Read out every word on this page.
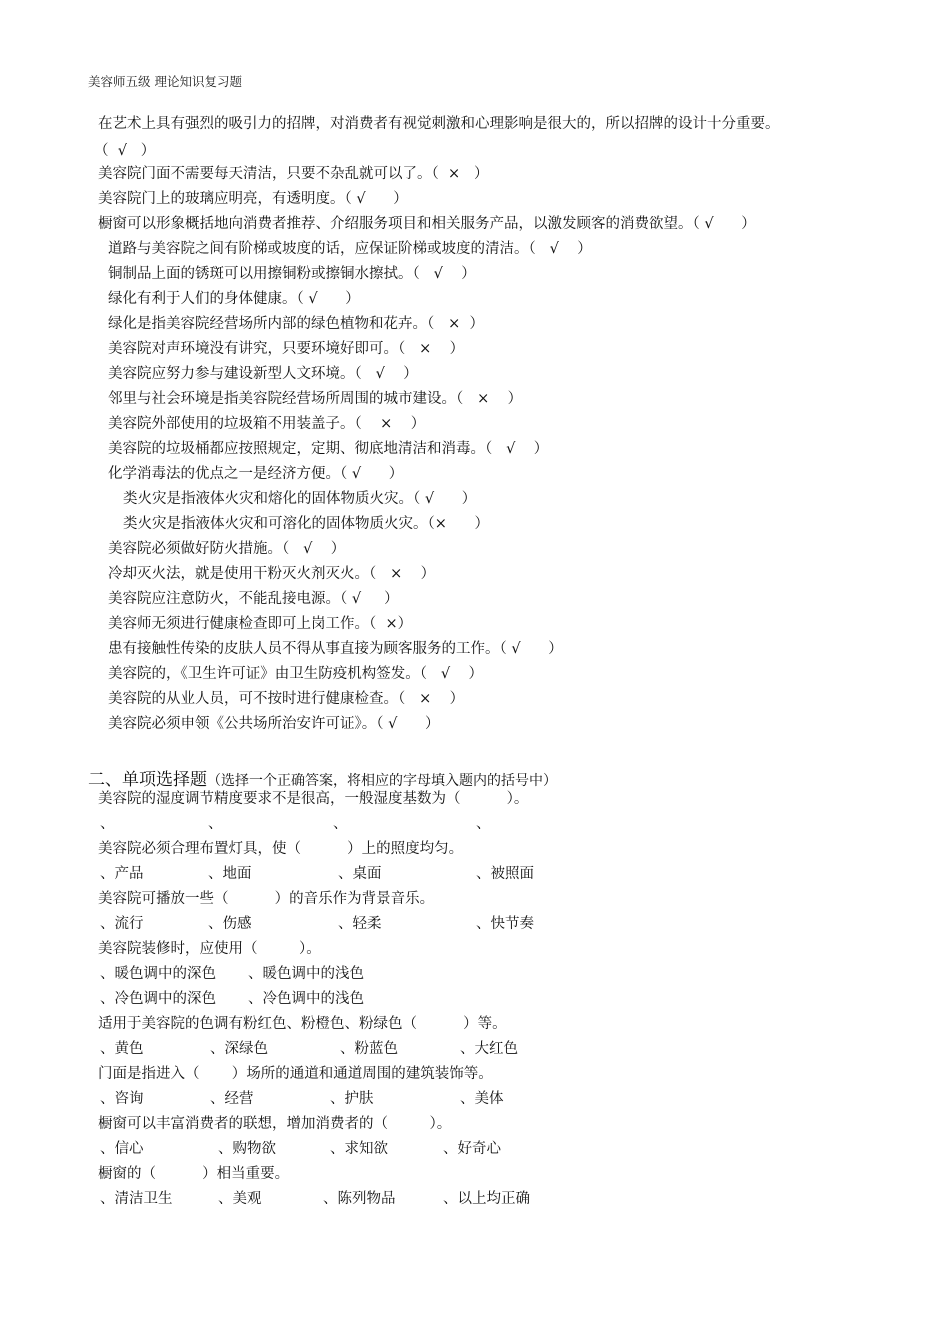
美容师五级 理论知识复习题
在艺术上具有强烈的吸引力的招牌，对消费者有视觉刺激和心理影响是很大的，所以招牌的设计十分重要。
（  √   ）
美容院门面不需要每天清洁，只要不杂乱就可以了。（  ×   ）
美容院门上的玻璃应明亮，有透明度。（ √      ）
橱窗可以形象概括地向消费者推荐、介绍服务项目和相关服务产品，以激发顾客的消费欲望。（ √      ）
道路与美容院之间有阶梯或坡度的话，应保证阶梯或坡度的清洁。（   √    ）
铜制品上面的锈斑可以用擦铜粉或擦铜水擦拭。（   √    ）
绿化有利于人们的身体健康。（ √      ）
绿化是指美容院经营场所内部的绿色植物和花卉。（   ×  ）
美容院对声环境没有讲究，只要环境好即可。（   ×    ）
美容院应努力参与建设新型人文环境。（   √    ）
邻里与社会环境是指美容院经营场所周围的城市建设。（   ×    ）
美容院外部使用的垃圾箱不用装盖子。（    ×    ）
美容院的垃圾桶都应按照规定，定期、彻底地清洁和消毒。（   √    ）
化学消毒法的优点之一是经济方便。（ √      ）
类火灾是指液体火灾和熔化的固体物质火灾。（ √      ）
类火灾是指液体火灾和可溶化的固体物质火灾。（×      ）
美容院必须做好防火措施。（   √    ）
冷却灭火法，就是使用干粉灭火剂灭火。（   ×    ）
美容院应注意防火，不能乱接电源。（ √     ）
美容师无须进行健康检查即可上岗工作。（  ×）
患有接触性传染的皮肤人员不得从事直接为顾客服务的工作。（ √      ）
美容院的，《卫生许可证》由卫生防疫机构签发。（   √    ）
美容院的从业人员，可不按时进行健康检查。（   ×    ）
美容院必须申领《公共场所治安许可证》。（ √      ）
二、单项选择题（选择一个正确答案，将相应的字母填入题内的括号中）
美容院的湿度调节精度要求不是很高，一般湿度基数为（          ）。
、	、	、	、
美容院必须合理布置灯具，使（          ）上的照度均匀。
、产品	、地面	、桌面	、被照面
美容院可播放一些（          ）的音乐作为背景音乐。
、流行	、伤感	、轻柔	、快节奏
美容院装修时，应使用（         ）。
、暖色调中的深色 、暖色调中的浅色
、冷色调中的深色 、冷色调中的浅色
适用于美容院的色调有粉红色、粉橙色、粉绿色（          ）等。
、黄色	、深绿色	、粉蓝色	、大红色
门面是指进入（       ）场所的通道和通道周围的建筑装饰等。
、咨询	、经营	、护肤	、美体
橱窗可以丰富消费者的联想，增加消费者的（         ）。
、信心	、购物欲	、求知欲	、好奇心
橱窗的（          ）相当重要。
、清洁卫生	、美观	、陈列物品	、以上均正确
